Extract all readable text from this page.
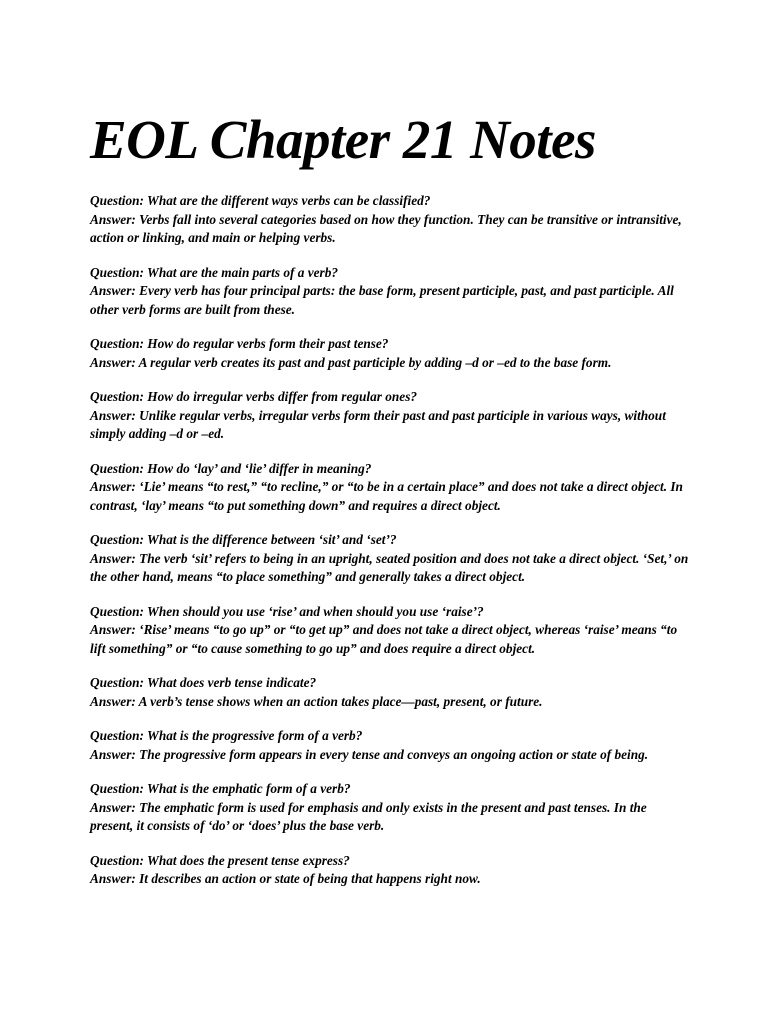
EOL Chapter 21 Notes

Question: What are the different ways verbs can be classified?

Answer: Verbs fall into several categories based on how they function. They can be transitive or intransitive, action or linking, and main or helping verbs.

Question: What are the main parts of a verb?

Answer: Every verb has four principal parts: the base form, present participle, past, and past participle. All other verb forms are built from these.

Question: How do regular verbs form their past tense?

Answer: A regular verb creates its past and past participle by adding –d or –ed to the base form.

Question: How do irregular verbs differ from regular ones?

Answer: Unlike regular verbs, irregular verbs form their past and past participle in various ways, without simply adding –d or –ed.

Question: How do ‘lay’ and ‘lie’ differ in meaning?

Answer: ‘Lie’ means “to rest,” “to recline,” or “to be in a certain place” and does not take a direct object. In contrast, ‘lay’ means “to put something down” and requires a direct object.

Question: What is the difference between ‘sit’ and ‘set’?

Answer: The verb ‘sit’ refers to being in an upright, seated position and does not take a direct object. ‘Set,’ on the other hand, means “to place something” and generally takes a direct object.

Question: When should you use ‘rise’ and when should you use ‘raise’?

Answer: ‘Rise’ means “to go up” or “to get up” and does not take a direct object, whereas ‘raise’ means “to lift something” or “to cause something to go up” and does require a direct object.

Question: What does verb tense indicate?

Answer: A verb’s tense shows when an action takes place—past, present, or future.

Question: What is the progressive form of a verb?

Answer: The progressive form appears in every tense and conveys an ongoing action or state of being.

Question: What is the emphatic form of a verb?

Answer: The emphatic form is used for emphasis and only exists in the present and past tenses. In the present, it consists of ‘do’ or ‘does’ plus the base verb.

Question: What does the present tense express?

Answer: It describes an action or state of being that happens right now.
